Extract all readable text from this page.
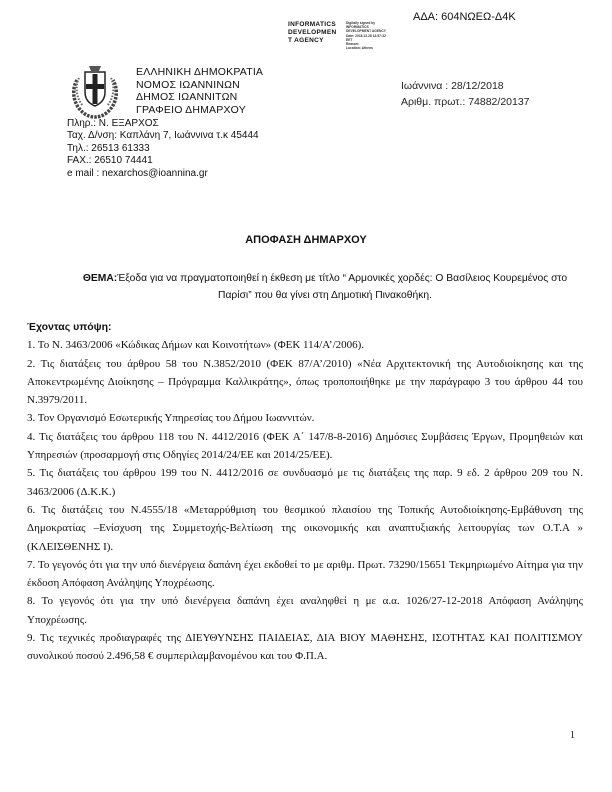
ΑΔΑ: 604ΝΩΕΩ-Δ4Κ
INFORMATICS
DEVELOPMEN
T AGENCY
Digitally signed by
INFORMATICS
DEVELOPMENT AGENCY
Date: 2018.12.28 14:57:32
EET
Reason:
Location: Athens
ΕΛΛΗΝΙΚΗ ΔΗΜΟΚΡΑΤΙΑ
ΝΟΜΟΣ ΙΩΑΝΝΙΝΩΝ
ΔΗΜΟΣ ΙΩΑΝΝΙΤΩΝ
ΓΡΑΦΕΙΟ ΔΗΜΑΡΧΟΥ
Ιωάννινα : 28/12/2018
Αριθμ. πρωτ.: 74882/20137
Πληρ.: Ν. ΕΞΑΡΧΟΣ
Ταχ. Δ/νση: Καπλάνη 7, Ιωάννινα τ.κ 45444
Τηλ.: 26513 61333
FAX.: 26510 74441
e mail : nexarchos@ioannina.gr
ΑΠΟΦΑΣΗ ΔΗΜΑΡΧΟΥ
ΘΕΜΑ:Έξοδα για να πραγματοποιηθεί η έκθεση με τίτλο “ Αρμονικές χορδές: Ο Βασίλειος Κουρεμένος στο Παρίσι” που θα γίνει στη Δημοτική Πινακοθήκη.
Έχοντας υπόψη:

1. Το Ν. 3463/2006 «Κώδικας Δήμων και Κοινοτήτων» (ΦΕΚ 114/Α’/2006).

2. Τις διατάξεις του άρθρου 58 του Ν.3852/2010 (ΦΕΚ 87/Α’/2010) «Νέα Αρχιτεκτονική της Αυτοδιοίκησης και της Αποκεντρωμένης Διοίκησης – Πρόγραμμα Καλλικράτης», όπως τροποποιήθηκε με την παράγραφο 3 του άρθρου 44 του Ν.3979/2011.

3. Τον Οργανισμό Εσωτερικής Υπηρεσίας του Δήμου Ιωαννιτών.

4. Τις διατάξεις του άρθρου 118 του Ν. 4412/2016 (ΦΕΚ Α΄ 147/8-8-2016) Δημόσιες Συμβάσεις Έργων, Προμηθειών και Υπηρεσιών (προσαρμογή στις Οδηγίες 2014/24/ΕΕ και 2014/25/ΕΕ).

5. Τις διατάξεις του άρθρου 199 του Ν. 4412/2016 σε συνδυασμό με τις διατάξεις της παρ. 9 εδ. 2 άρθρου 209 του Ν. 3463/2006 (Δ.Κ.Κ.)

6. Τις διατάξεις του Ν.4555/18 «Μεταρρύθμιση του θεσμικού πλαισίου της Τοπικής Αυτοδιοίκησης-Εμβάθυνση της Δημοκρατίας –Ενίσχυση της Συμμετοχής-Βελτίωση της οικονομικής και αναπτυξιακής λειτουργίας των Ο.Τ.Α » (ΚΛΕΙΣΘΕΝΗΣ Ι).

7. Το γεγονός ότι για την υπό διενέργεια δαπάνη έχει εκδοθεί το με αριθμ. Πρωτ. 73290/15651 Τεκμηριωμένο Αίτημα για την έκδοση Απόφαση Ανάληψης Υποχρέωσης.

8. Το γεγονός ότι για την υπό διενέργεια δαπάνη έχει αναληφθεί η με α.α. 1026/27-12-2018 Απόφαση Ανάληψης Υποχρέωσης.

9. Τις τεχνικές προδιαγραφές της ΔΙΕΥΘΥΝΣΗΣ ΠΑΙΔΕΙΑΣ, ΔΙΑ ΒΙΟΥ ΜΑΘΗΣΗΣ, ΙΣΟΤΗΤΑΣ ΚΑΙ ΠΟΛΙΤΙΣΜΟΥ συνολικού ποσού 2.496,58 € συμπεριλαμβανομένου και του Φ.Π.Α.

1
